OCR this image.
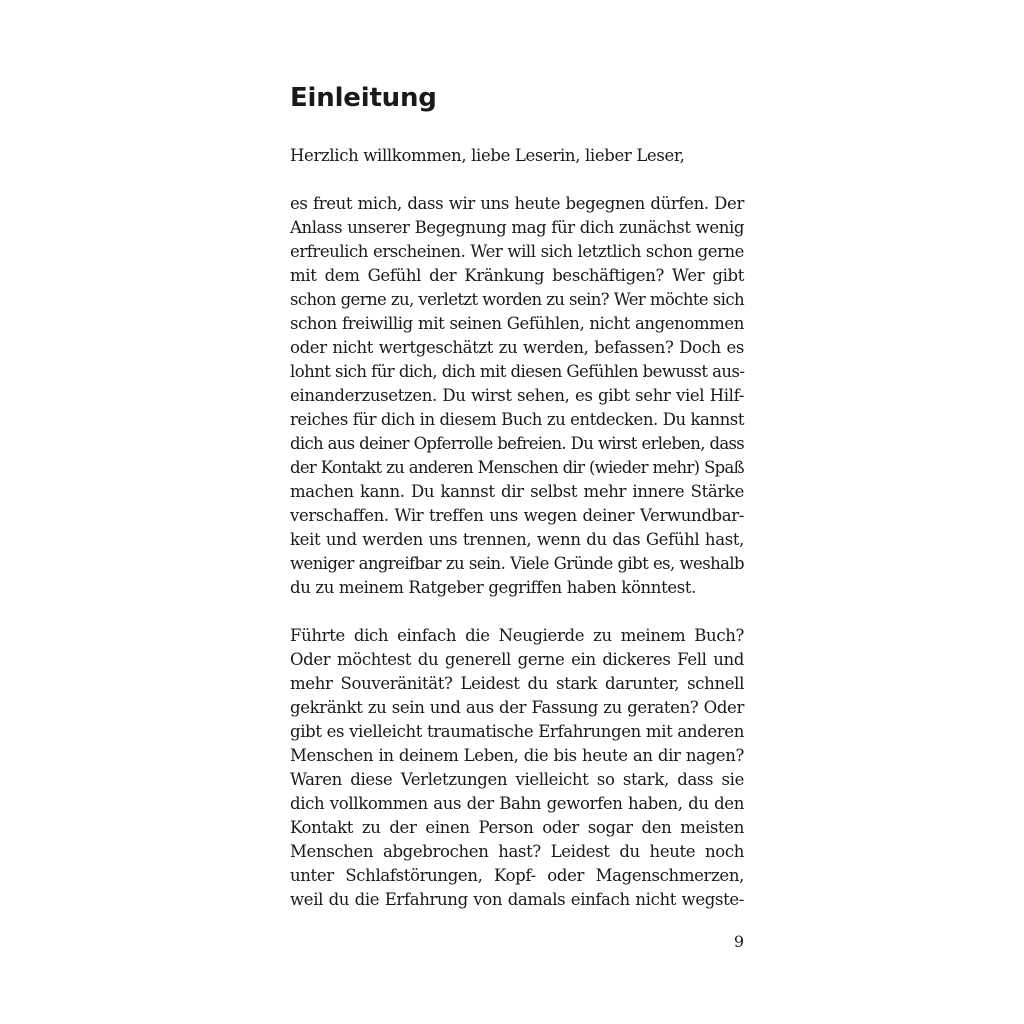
Einleitung
Herzlich willkommen, liebe Leserin, lieber Leser,
es freut mich, dass wir uns heute begegnen dürfen. Der
Anlass unserer Begegnung mag für dich zunächst wenig
erfreulich erscheinen. Wer will sich letztlich schon gerne
mit dem Gefühl der Kränkung beschäftigen? Wer gibt
schon gerne zu, verletzt worden zu sein? Wer möchte sich
schon freiwillig mit seinen Gefühlen, nicht angenommen
oder nicht wertgeschätzt zu werden, befassen? Doch es
lohnt sich für dich, dich mit diesen Gefühlen bewusst aus-
einanderzusetzen. Du wirst sehen, es gibt sehr viel Hilf-
reiches für dich in diesem Buch zu entdecken. Du kannst
dich aus deiner Opferrolle befreien. Du wirst erleben, dass
der Kontakt zu anderen Menschen dir (wieder mehr) Spaß
machen kann. Du kannst dir selbst mehr innere Stärke
verschaffen. Wir treffen uns wegen deiner Verwundbar-
keit und werden uns trennen, wenn du das Gefühl hast,
weniger angreifbar zu sein. Viele Gründe gibt es, weshalb
du zu meinem Ratgeber gegriffen haben könntest.
Führte dich einfach die Neugierde zu meinem Buch?
Oder möchtest du generell gerne ein dickeres Fell und
mehr Souveränität? Leidest du stark darunter, schnell
gekränkt zu sein und aus der Fassung zu geraten? Oder
gibt es vielleicht traumatische Erfahrungen mit anderen
Menschen in deinem Leben, die bis heute an dir nagen?
Waren diese Verletzungen vielleicht so stark, dass sie
dich vollkommen aus der Bahn geworfen haben, du den
Kontakt zu der einen Person oder sogar den meisten
Menschen abgebrochen hast? Leidest du heute noch
unter Schlafstörungen, Kopf- oder Magenschmerzen,
weil du die Erfahrung von damals einfach nicht wegste-
9
